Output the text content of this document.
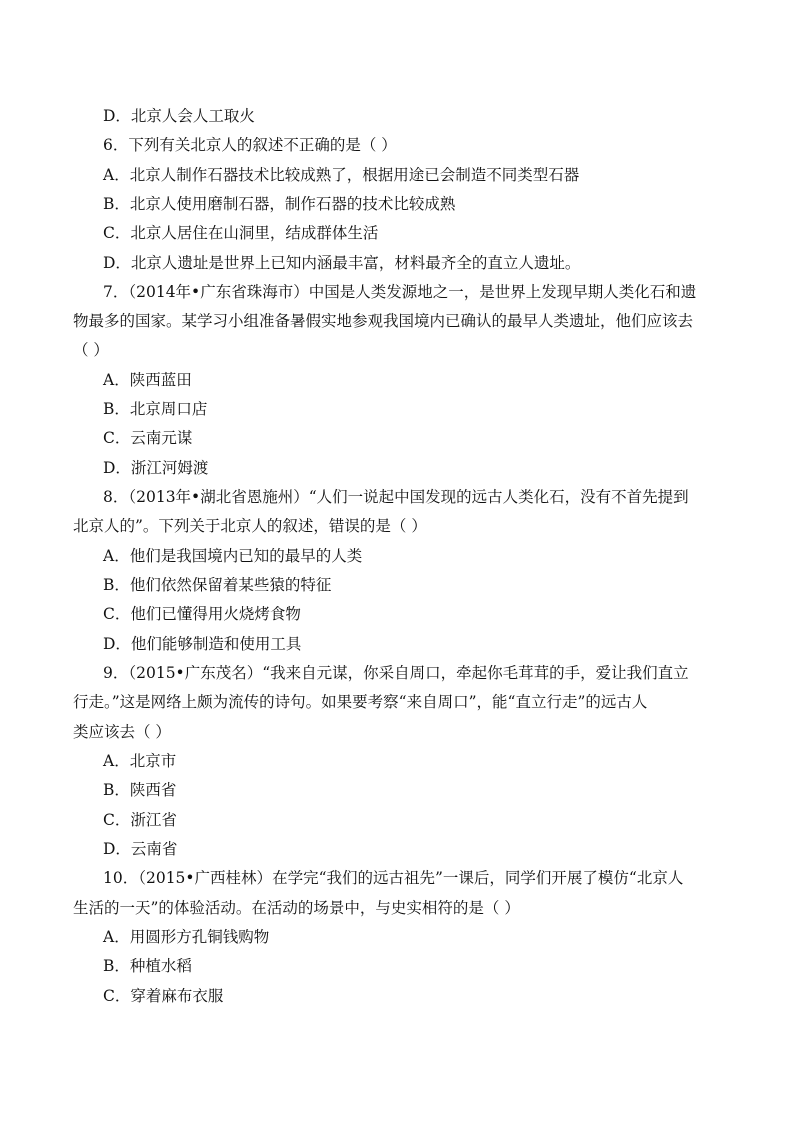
D．北京人会人工取火
6．下列有关北京人的叙述不正确的是（ ）
A．北京人制作石器技术比较成熟了，根据用途已会制造不同类型石器
B．北京人使用磨制石器，制作石器的技术比较成熟
C．北京人居住在山洞里，结成群体生活
D．北京人遗址是世界上已知内涵最丰富，材料最齐全的直立人遗址。
7．（2014年•广东省珠海市）中国是人类发源地之一，是世界上发现早期人类化石和遗
物最多的国家。某学习小组准备暑假实地参观我国境内已确认的最早人类遗址，他们应该去
（ ）
A．陕西蓝田
B．北京周口店
C．云南元谋
D．浙江河姆渡
8．（2013年•湖北省恩施州）“人们一说起中国发现的远古人类化石，没有不首先提到
北京人的”。下列关于北京人的叙述，错误的是（ ）
A．他们是我国境内已知的最早的人类
B．他们依然保留着某些猿的特征
C．他们已懂得用火烧烤食物
D．他们能够制造和使用工具
9．（2015•广东茂名）“我来自元谋，你采自周口，牵起你毛茸茸的手，爱让我们直立
行走。”这是网络上颇为流传的诗句。如果要考察“来自周口”，能“直立行走”的远古人
类应该去（ ）
A．北京市
B．陕西省
C．浙江省
D．云南省
10．（2015•广西桂林）在学完“我们的远古祖先”一课后，同学们开展了模仿“北京人
生活的一天”的体验活动。在活动的场景中，与史实相符的是（ ）
A．用圆形方孔铜钱购物
B．种植水稻
C．穿着麻布衣服
